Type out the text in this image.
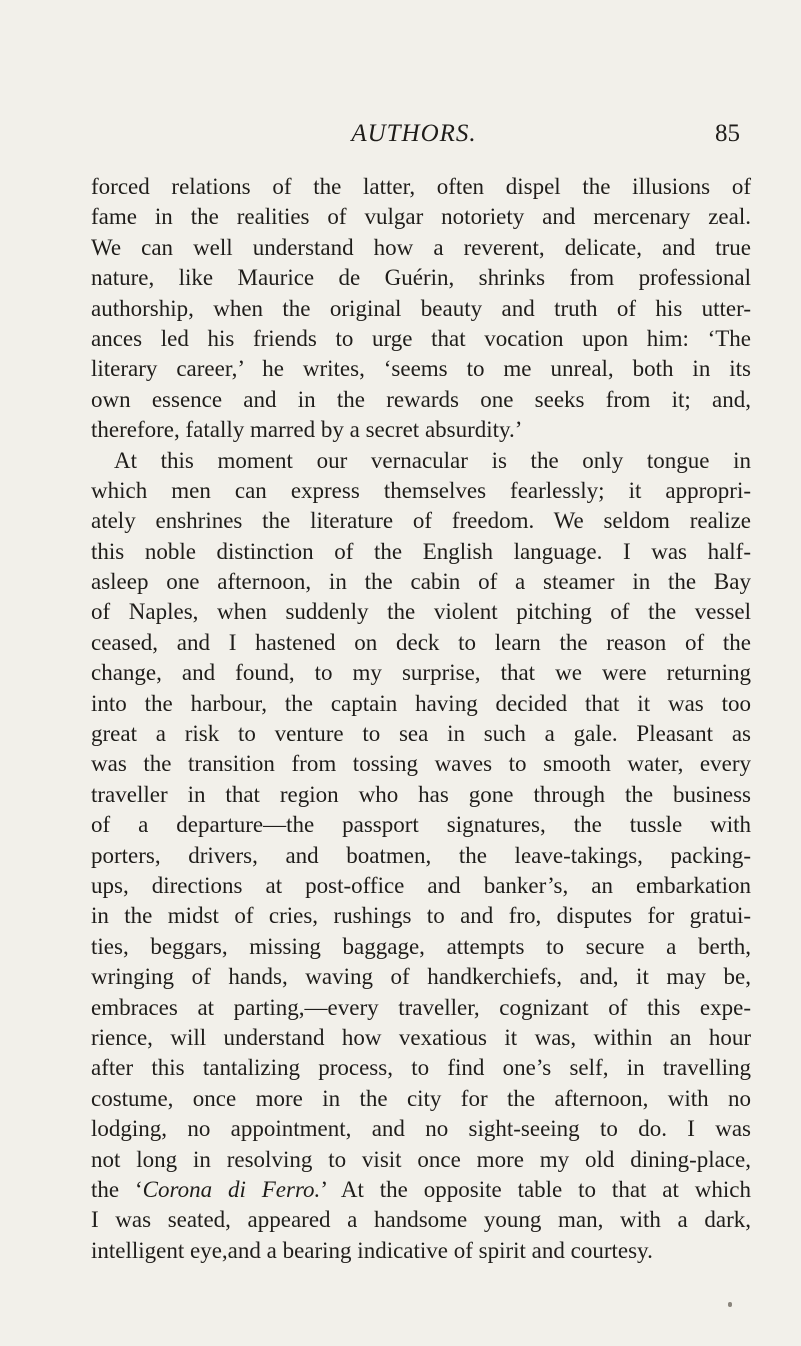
AUTHORS.	85
forced relations of the latter, often dispel the illusions of
fame in the realities of vulgar notoriety and mercenary zeal.
We can well understand how a reverent, delicate, and true
nature, like Maurice de Guérin, shrinks from professional
authorship, when the original beauty and truth of his utter-
ances led his friends to urge that vocation upon him: ‘The
literary career,’ he writes, ‘seems to me unreal, both in its
own essence and in the rewards one seeks from it; and,
therefore, fatally marred by a secret absurdity.’
At this moment our vernacular is the only tongue in
which men can express themselves fearlessly; it appropri-
ately enshrines the literature of freedom. We seldom realize
this noble distinction of the English language. I was half-
asleep one afternoon, in the cabin of a steamer in the Bay
of Naples, when suddenly the violent pitching of the vessel
ceased, and I hastened on deck to learn the reason of the
change, and found, to my surprise, that we were returning
into the harbour, the captain having decided that it was too
great a risk to venture to sea in such a gale. Pleasant as
was the transition from tossing waves to smooth water, every
traveller in that region who has gone through the business
of a departure—the passport signatures, the tussle with
porters, drivers, and boatmen, the leave-takings, packing-
ups, directions at post-office and banker’s, an embarkation
in the midst of cries, rushings to and fro, disputes for gratui-
ties, beggars, missing baggage, attempts to secure a berth,
wringing of hands, waving of handkerchiefs, and, it may be,
embraces at parting,—every traveller, cognizant of this expe-
rience, will understand how vexatious it was, within an hour
after this tantalizing process, to find one’s self, in travelling
costume, once more in the city for the afternoon, with no
lodging, no appointment, and no sight-seeing to do. I was
not long in resolving to visit once more my old dining-place,
the ‘Corona di Ferro.’ At the opposite table to that at which
I was seated, appeared a handsome young man, with a dark,
intelligent eye,and a bearing indicative of spirit and courtesy.
